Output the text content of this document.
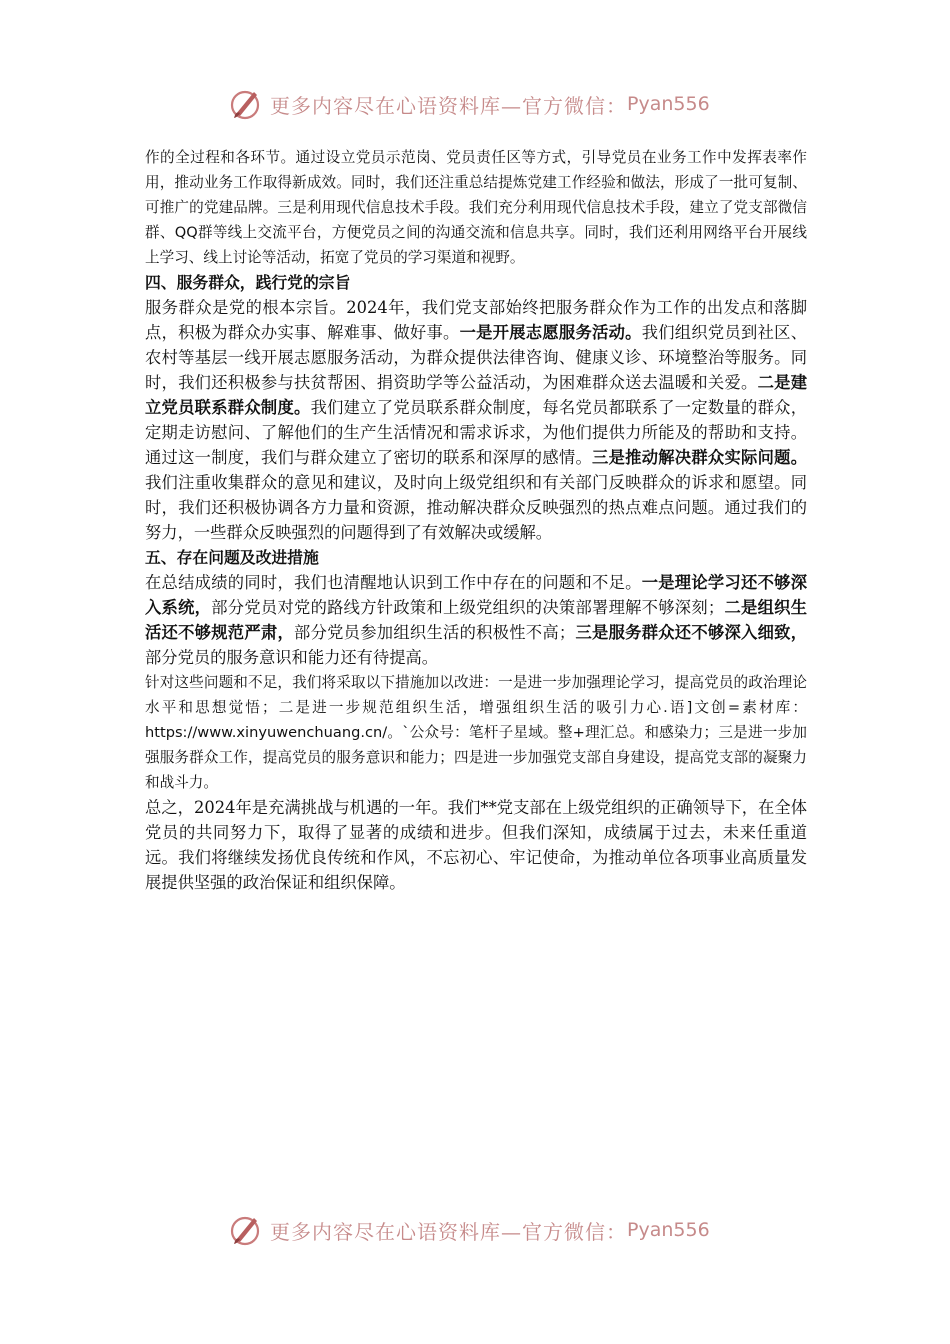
更多内容尽在心语资料库—官方微信： Pyan556

作的全过程和各环节。通过设立党员示范岗、党员责任区等方式，引导党员在业务工作中发挥表率作用，推动业务工作取得新成效。同时，我们还注重总结提炼党建工作经验和做法，形成了一批可复制、可推广的党建品牌。三是利用现代信息技术手段。我们充分利用现代信息技术手段，建立了党支部微信群、QQ群等线上交流平台，方便党员之间的沟通交流和信息共享。同时，我们还利用网络平台开展线上学习、线上讨论等活动，拓宽了党员的学习渠道和视野。

四、服务群众，践行党的宗旨

服务群众是党的根本宗旨。2024年，我们党支部始终把服务群众作为工作的出发点和落脚点，积极为群众办实事、解难事、做好事。一是开展志愿服务活动。我们组织党员到社区、农村等基层一线开展志愿服务活动，为群众提供法律咨询、健康义诊、环境整治等服务。同时，我们还积极参与扶贫帮困、捐资助学等公益活动，为困难群众送去温暖和关爱。二是建立党员联系群众制度。我们建立了党员联系群众制度，每名党员都联系了一定数量的群众，定期走访慰问、了解他们的生产生活情况和需求诉求，为他们提供力所能及的帮助和支持。通过这一制度，我们与群众建立了密切的联系和深厚的感情。三是推动解决群众实际问题。我们注重收集群众的意见和建议，及时向上级党组织和有关部门反映群众的诉求和愿望。同时，我们还积极协调各方力量和资源，推动解决群众反映强烈的热点难点问题。通过我们的努力，一些群众反映强烈的问题得到了有效解决或缓解。

五、存在问题及改进措施

在总结成绩的同时，我们也清醒地认识到工作中存在的问题和不足。一是理论学习还不够深入系统，部分党员对党的路线方针政策和上级党组织的决策部署理解不够深刻；二是组织生活还不够规范严肃，部分党员参加组织生活的积极性不高；三是服务群众还不够深入细致，部分党员的服务意识和能力还有待提高。

针对这些问题和不足，我们将采取以下措施加以改进：一是进一步加强理论学习，提高党员的政治理论水平和思想觉悟；二是进一步规范组织生活，增强组织生活的吸引力心.语]文创=素材库：https://www.xinyuwenchuang.cn/。`公众号：笔杆子星域。整+理汇总。和感染力；三是进一步加强服务群众工作，提高党员的服务意识和能力；四是进一步加强党支部自身建设，提高党支部的凝聚力和战斗力。

总之，2024年是充满挑战与机遇的一年。我们**党支部在上级党组织的正确领导下，在全体党员的共同努力下，取得了显著的成绩和进步。但我们深知，成绩属于过去，未来任重道远。我们将继续发扬优良传统和作风，不忘初心、牢记使命，为推动单位各项事业高质量发展提供坚强的政治保证和组织保障。

更多内容尽在心语资料库—官方微信： Pyan556
